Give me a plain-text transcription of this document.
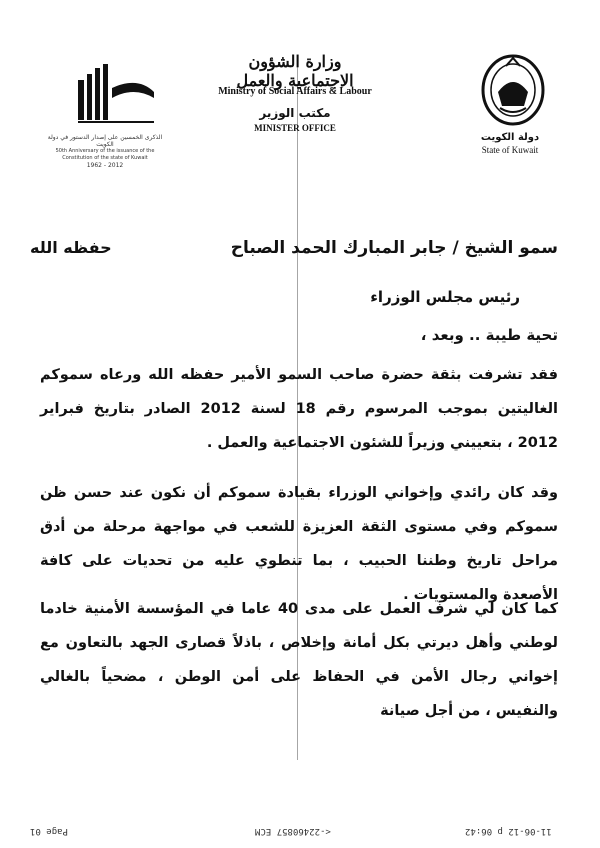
وزارة الشؤون الاجتماعية والعمل
Ministry of Social Affairs & Labour
مكتب الوزير
MINISTER OFFICE
الذكرى الخمسين على إصدار الدستور في دولة الكويت
50th Anniversary of the issuance of the Constitution of the state of Kuwait
1962 - 2012
دولة الكويت
State of Kuwait
سمو الشيخ / جابر المبارك الحمد الصباح
حفظه الله
رئيس مجلس الوزراء
تحية طيبة .. وبعد ،
فقد تشرفت بثقة حضرة صاحب السمو الأمير حفظه الله ورعاه سموكم الغاليتين بموجب المرسوم رقم 18 لسنة 2012 الصادر بتاريخ فبراير 2012 ، بتعييني وزيراً للشئون الاجتماعية والعمل .
وقد كان رائدي وإخواني الوزراء بقيادة سموكم أن نكون عند حسن ظن سموكم وفي مستوى الثقة العزيزة للشعب في مواجهة مرحلة من أدق مراحل تاريخ وطننا الحبيب ، بما تنطوي عليه من تحديات على كافة الأصعدة والمستويات .
كما كان لي شرف العمل على مدى 40 عاما في المؤسسة الأمنية خادما لوطني وأهل ديرتي بكل أمانة وإخلاص ، باذلاً قصارى الجهد بالتعاون مع إخواني رجال الأمن في الحفاظ على أمن الوطن ، مضحياً بالغالي والنفيس ، من أجل صيانة
Page 01	<-22460857 ECM	11-06-12 p 06:42
